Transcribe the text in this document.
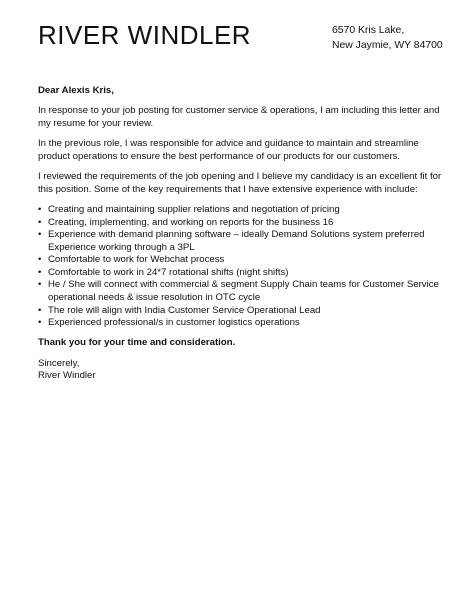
RIVER WINDLER	6570 Kris Lake,
New Jaymie, WY 84700

Dear Alexis Kris,

In response to your job posting for customer service & operations, I am including this letter and my resume for your review.

In the previous role, I was responsible for advice and guidance to maintain and streamline product operations to ensure the best performance of our products for our customers.

I reviewed the requirements of the job opening and I believe my candidacy is an excellent fit for this position. Some of the key requirements that I have extensive experience with include:

• Creating and maintaining supplier relations and negotiation of pricing
• Creating, implementing, and working on reports for the business 16
• Experience with demand planning software – ideally Demand Solutions system preferred Experience working through a 3PL
• Comfortable to work for Webchat process
• Comfortable to work in 24*7 rotational shifts (night shifts)
• He / She will connect with commercial & segment Supply Chain teams for Customer Service operational needs & issue resolution in OTC cycle
• The role will align with India Customer Service Operational Lead
• Experienced professional/s in customer logistics operations

Thank you for your time and consideration.

Sincerely,
River Windler
